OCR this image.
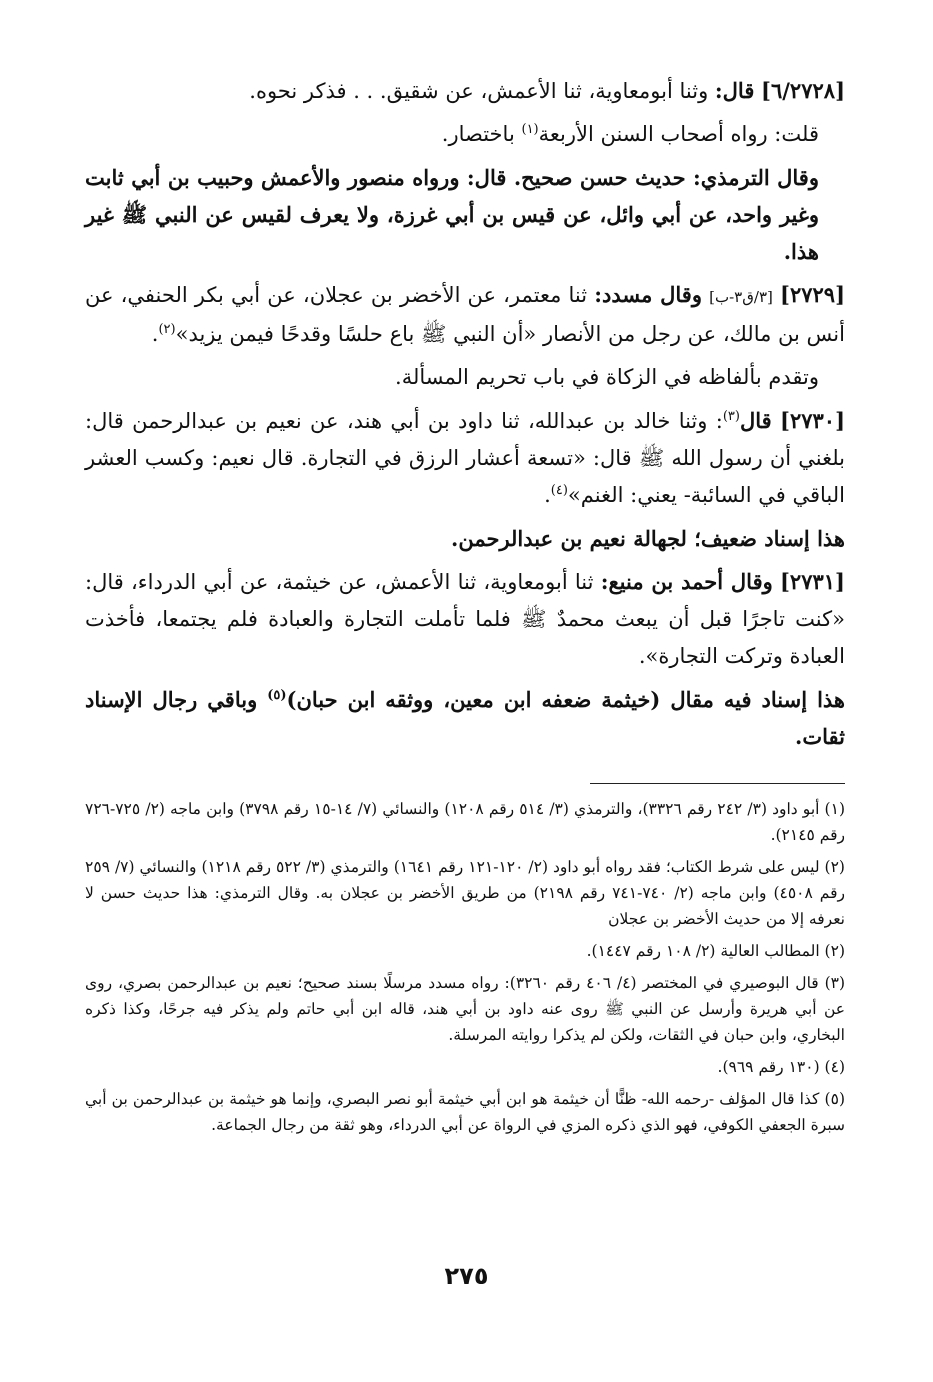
[٦/٢٧٢٨] قال: وثنا أبومعاوية، ثنا الأعمش، عن شقيق. . . فذكر نحوه.

قلت: رواه أصحاب السنن الأربعة$^{(١)}$ باختصار.

وقال الترمذي: حديث حسن صحيح. قال: ورواه منصور والأعمش وحبيب بن أبي ثابت وغير واحد، عن أبي وائل، عن قيس بن أبي غرزة، ولا يعرف لقيس عن النبي ﷺ غير هذا.

[٢٧٢٩] [٣/ق٣-ب] وقال مسدد: ثنا معتمر، عن الأخضر بن عجلان، عن أبي بكر الحنفي، عن أنس بن مالك، عن رجل من الأنصار «أن النبي ﷺ باع حلسًا وقدحًا فيمن يزيد»$^{(٢)}$.

وتقدم بألفاظه في الزكاة في باب تحريم المسألة.

[٢٧٣٠] قال$^{(٣)}$: وثنا خالد بن عبدالله، ثنا داود بن أبي هند، عن نعيم بن عبدالرحمن قال: بلغني أن رسول الله ﷺ قال: «تسعة أعشار الرزق في التجارة. قال نعيم: وكسب العشر الباقي في السائبة- يعني: الغنم»$^{(٤)}$.

هذا إسناد ضعيف؛ لجهالة نعيم بن عبدالرحمن.

[٢٧٣١] وقال أحمد بن منيع: ثنا أبومعاوية، ثنا الأعمش، عن خيثمة، عن أبي الدرداء، قال: «كنت تاجرًا قبل أن يبعث محمدٌ ﷺ فلما تأملت التجارة والعبادة فلم يجتمعا، فأخذت العبادة وتركت التجارة».

هذا إسناد فيه مقال (خيثمة ضعفه ابن معين، ووثقه ابن حبان)$^{(٥)}$ وباقي رجال الإسناد ثقات.

(١) أبو داود (٣/ ٢٤٢ رقم ٣٣٢٦)، والترمذي (٣/ ٥١٤ رقم ١٢٠٨) والنسائي (٧/ ١٤-١٥ رقم ٣٧٩٨) وابن ماجه (٢/ ٧٢٥-٧٢٦ رقم ٢١٤٥).

(٢) ليس على شرط الكتاب؛ فقد رواه أبو داود (٢/ ١٢٠-١٢١ رقم ١٦٤١) والترمذي (٣/ ٥٢٢ رقم ١٢١٨) والنسائي (٧/ ٢٥٩ رقم ٤٥٠٨) وابن ماجه (٢/ ٧٤٠-٧٤١ رقم ٢١٩٨) من طريق الأخضر بن عجلان به. وقال الترمذي: هذا حديث حسن لا نعرفه إلا من حديث الأخضر بن عجلان

(٢) المطالب العالية (٢/ ١٠٨ رقم ١٤٤٧).

(٣) قال البوصيري في المختصر (٤/ ٤٠٦ رقم ٣٢٦٠): رواه مسدد مرسلًا بسند صحيح؛ نعيم بن عبدالرحمن بصري، روى عن أبي هريرة وأرسل عن النبي ﷺ روى عنه داود بن أبي هند، قاله ابن أبي حاتم ولم يذكر فيه جرحًا، وكذا ذكره البخاري، وابن حبان في الثقات، ولكن لم يذكرا روايته المرسلة.

(٤) (١٣٠ رقم ٩٦٩).

(٥) كذا قال المؤلف -رحمه الله- ظنًّا أن خيثمة هو ابن أبي خيثمة أبو نصر البصري، وإنما هو خيثمة بن عبدالرحمن بن أبي سبرة الجعفي الكوفي، فهو الذي ذكره المزي في الرواة عن أبي الدرداء، وهو ثقة من رجال الجماعة.

٢٧٥
